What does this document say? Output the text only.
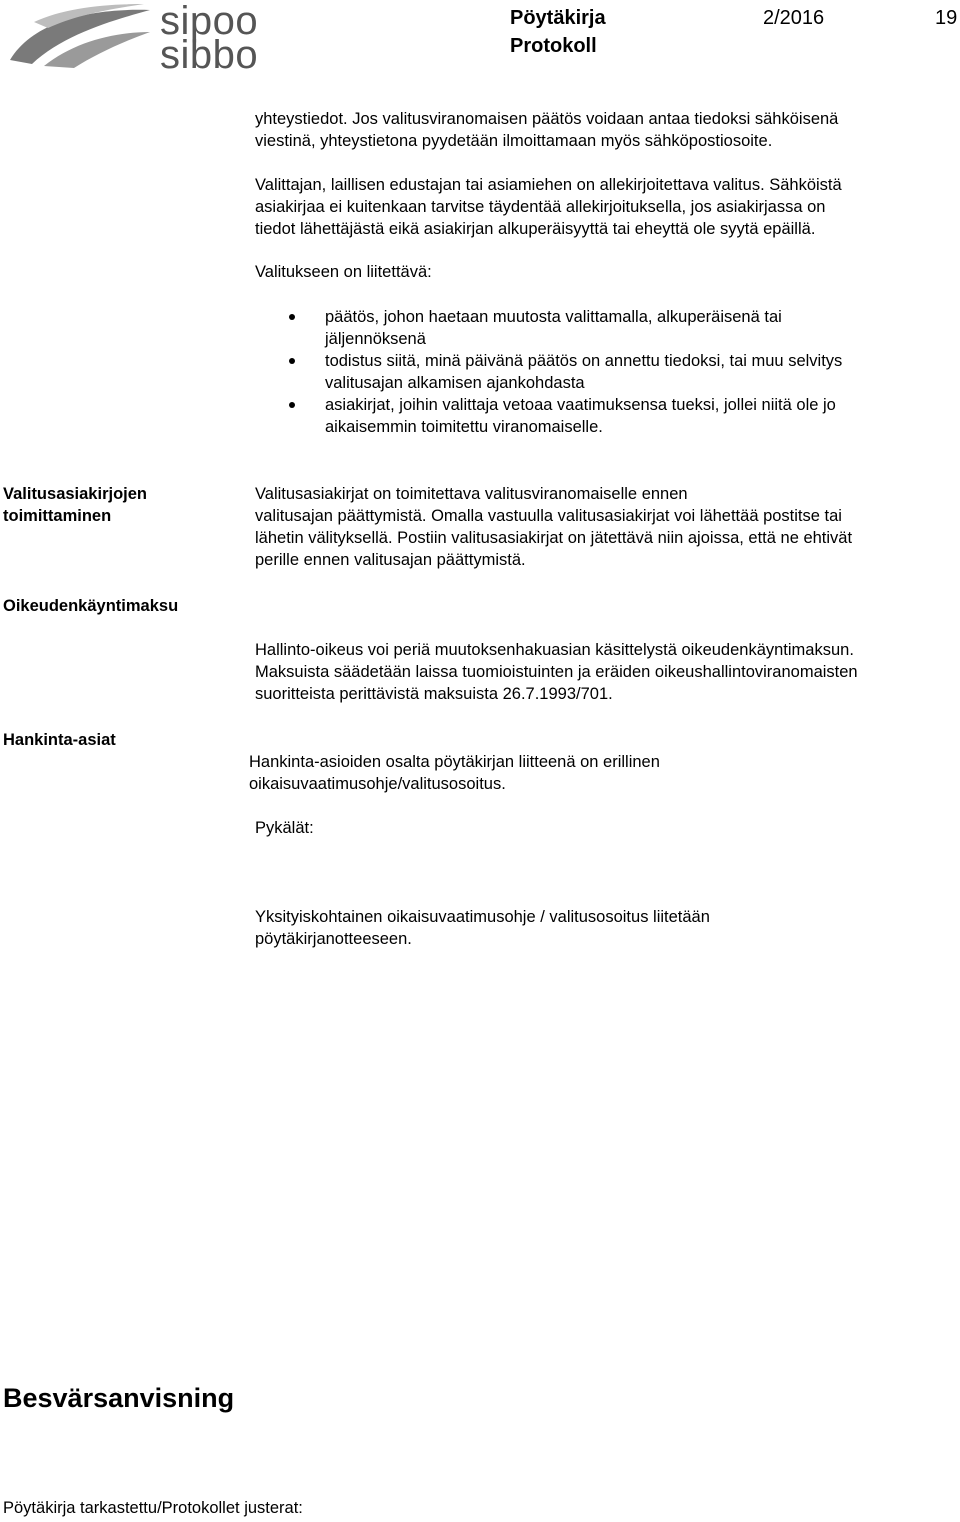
sipoo
sibbo
Pöytäkirja
Protokoll
2/2016	19
yhteystiedot. Jos valitusviranomaisen päätös voidaan antaa tiedoksi sähköisenä
viestinä, yhteystietona pyydetään ilmoittamaan myös sähköpostiosoite.
Valittajan, laillisen edustajan tai asiamiehen on allekirjoitettava valitus. Sähköistä
asiakirjaa ei kuitenkaan tarvitse täydentää allekirjoituksella, jos asiakirjassa on
tiedot lähettäjästä eikä asiakirjan alkuperäisyyttä tai eheyttä ole syytä epäillä.
Valitukseen on liitettävä:
päätös, johon haetaan muutosta valittamalla, alkuperäisenä tai
jäljennöksenä
todistus siitä, minä päivänä päätös on annettu tiedoksi, tai muu selvitys
valitusajan alkamisen ajankohdasta
asiakirjat, joihin valittaja vetoaa vaatimuksensa tueksi, jollei niitä ole jo
aikaisemmin toimitettu viranomaiselle.
Valitusasiakirjojen
toimittaminen
Valitusasiakirjat on toimitettava valitusviranomaiselle ennen
valitusajan päättymistä. Omalla vastuulla valitusasiakirjat voi lähettää postitse tai
lähetin välityksellä. Postiin valitusasiakirjat on jätettävä niin ajoissa, että ne ehtivät
perille ennen valitusajan päättymistä.
Oikeudenkäyntimaksu
Hallinto-oikeus voi periä muutoksenhakuasian käsittelystä oikeudenkäyntimaksun.
Maksuista säädetään laissa tuomioistuinten ja eräiden oikeushallintoviranomaisten
suoritteista perittävistä maksuista 26.7.1993/701.
Hankinta-asiat
Hankinta-asioiden osalta pöytäkirjan liitteenä on erillinen
oikaisuvaatimusohje/valitusosoitus.
Pykälät:
Yksityiskohtainen oikaisuvaatimusohje / valitusosoitus liitetään
pöytäkirjanotteeseen.
Besvärsanvisning
Pöytäkirja tarkastettu/Protokollet justerat:
